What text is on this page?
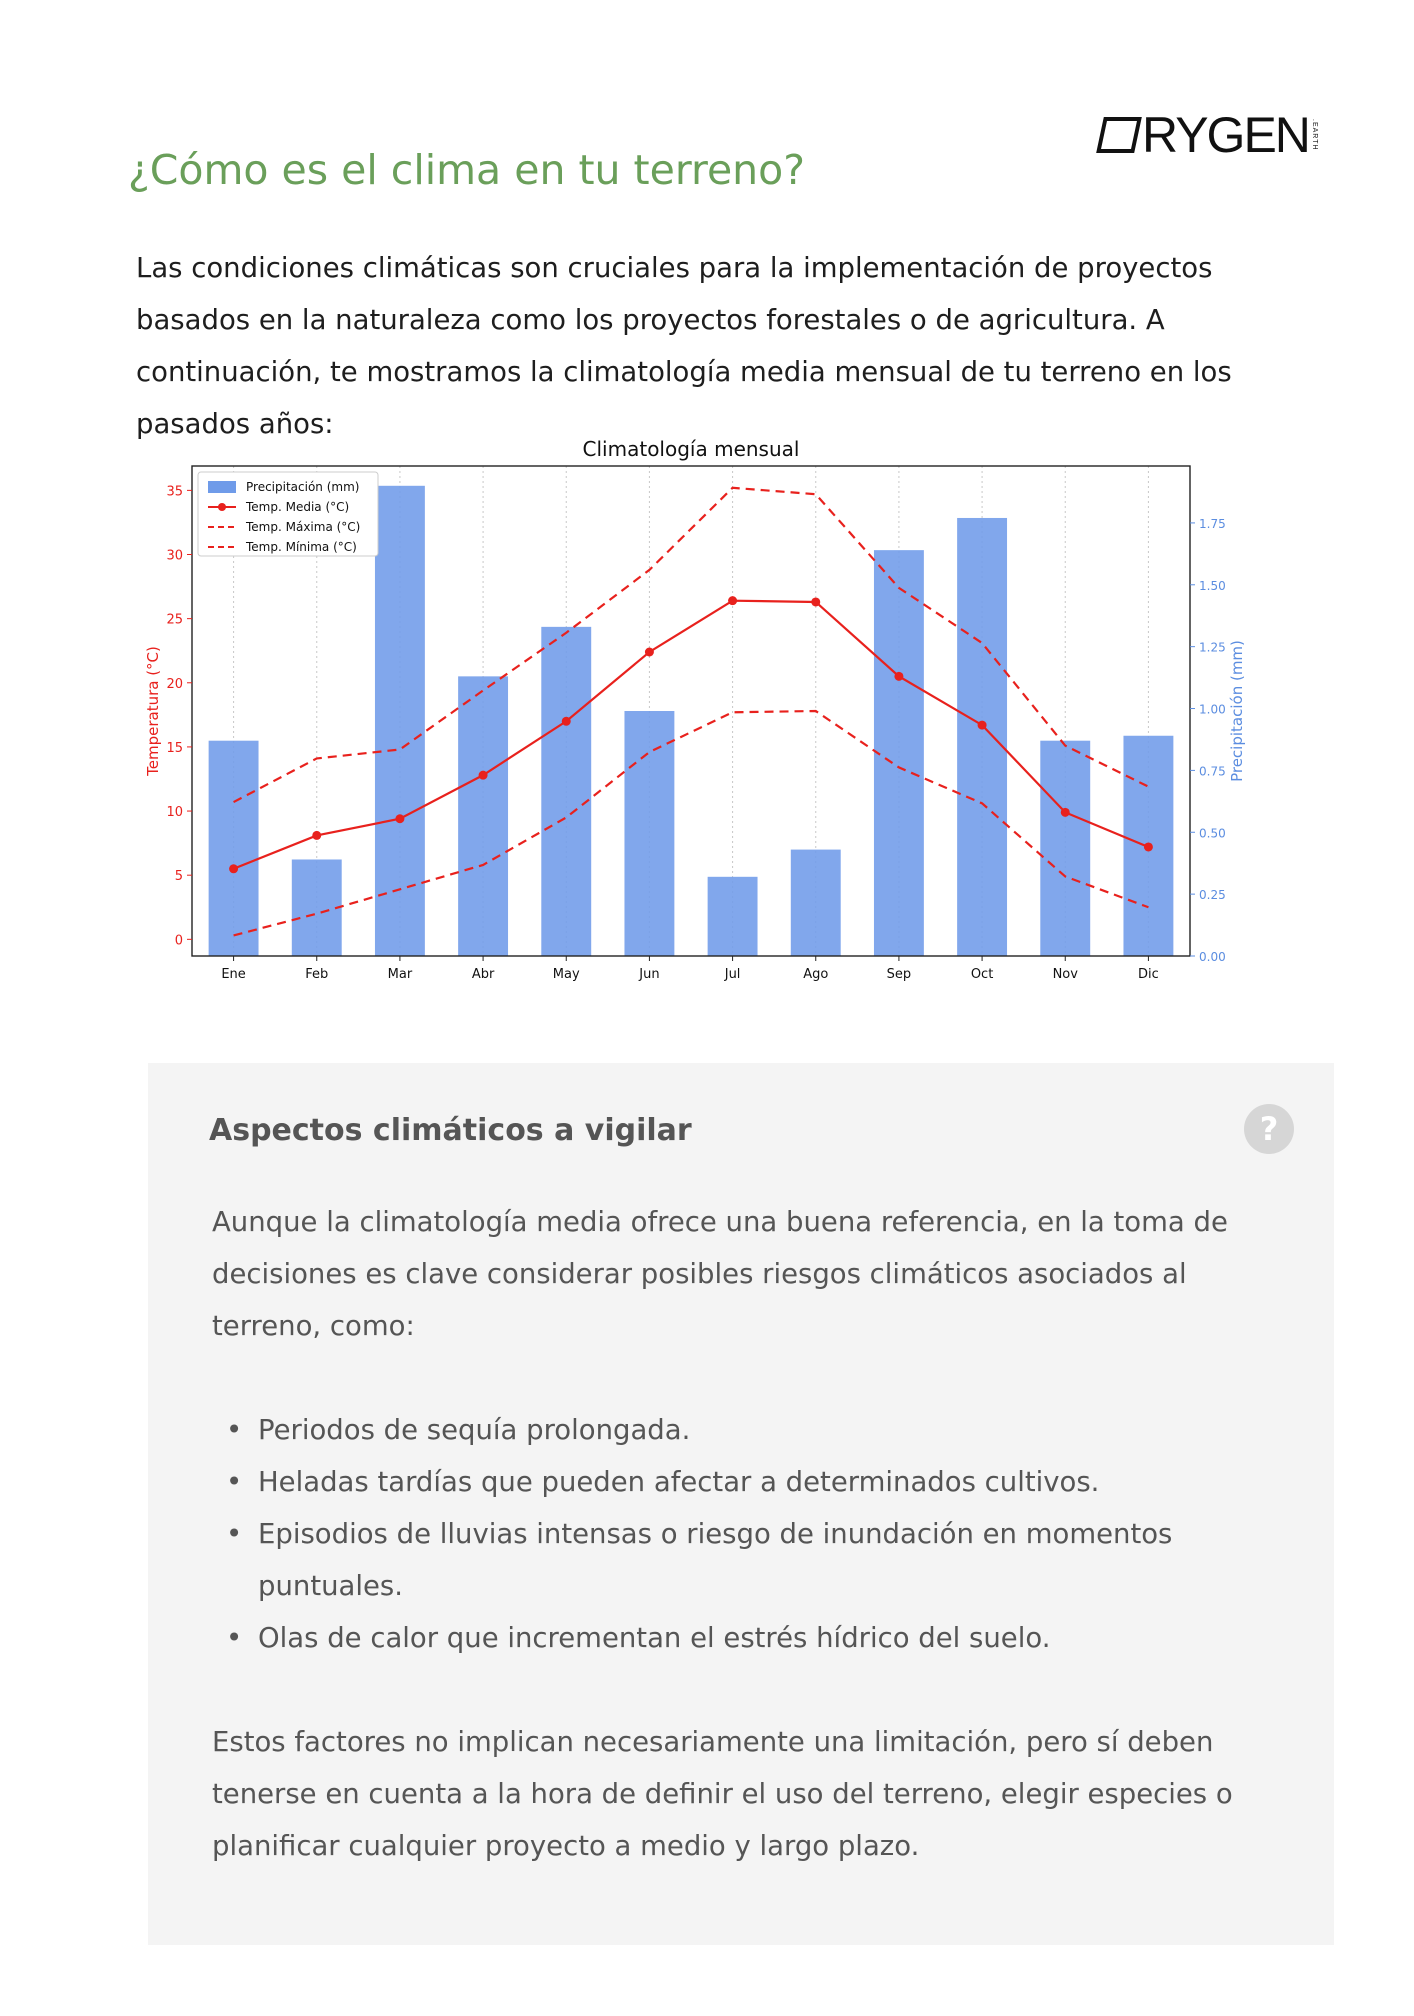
RYGEN .EARTH
¿Cómo es el clima en tu terreno?

Las condiciones climáticas son cruciales para la implementación de proyectos basados en la naturaleza como los proyectos forestales o de agricultura. A continuación, te mostramos la climatología media mensual de tu terreno en los pasados años:

Climatología mensual
0
5
10
15
20
25
30
35
0.00
0.25
0.50
0.75
1.00
1.25
1.50
1.75
Ene	Feb	Mar	Abr	May	Jun	Jul	Ago	Sep	Oct	Nov	Dic
Temperatura (°C)	Precipitación (mm)
Precipitación (mm)
Temp. Media (°C)
Temp. Máxima (°C)
Temp. Mínima (°C)
?
Aspectos climáticos a vigilar

Aunque la climatología media ofrece una buena referencia, en la toma de decisiones es clave considerar posibles riesgos climáticos asociados al terreno, como:

• Periodos de sequía prolongada.
• Heladas tardías que pueden afectar a determinados cultivos.
• Episodios de lluvias intensas o riesgo de inundación en momentos puntuales.
• Olas de calor que incrementan el estrés hídrico del suelo.

Estos factores no implican necesariamente una limitación, pero sí deben tenerse en cuenta a la hora de definir el uso del terreno, elegir especies o planificar cualquier proyecto a medio y largo plazo.
